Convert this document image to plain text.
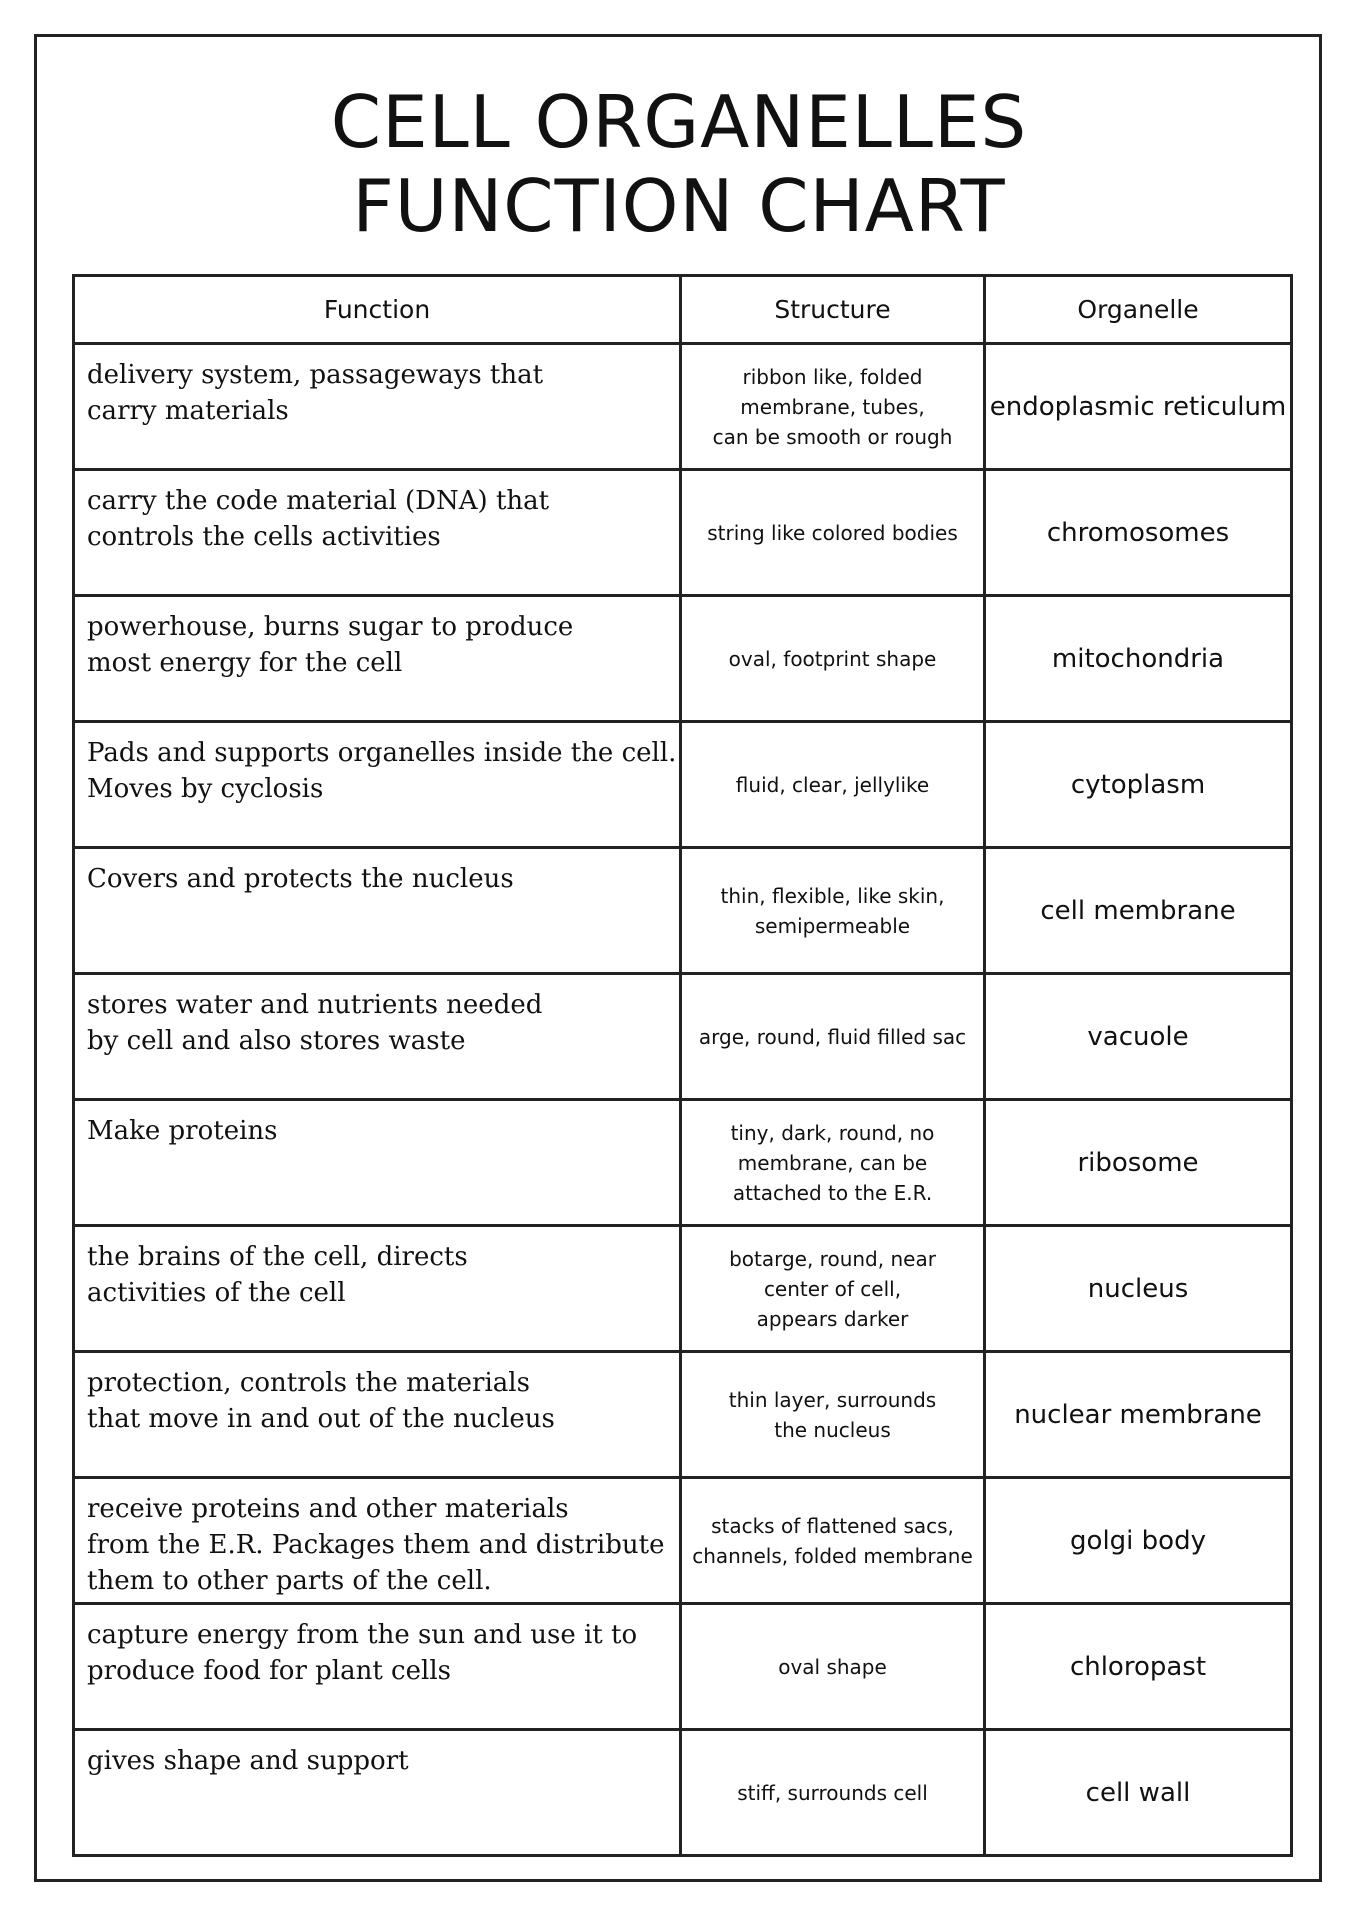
CELL ORGANELLES
FUNCTION CHART
Function	Structure	Organelle

delivery system, passageways that
carry materials	ribbon like, folded
membrane, tubes,
can be smooth or rough	endoplasmic reticulum

carry the code material (DNA) that
controls the cells activities	string like colored bodies	chromosomes

powerhouse, burns sugar to produce
most energy for the cell	oval, footprint shape	mitochondria

Pads and supports organelles inside the cell.
Moves by cyclosis	fluid, clear, jellylike	cytoplasm

Covers and protects the nucleus	thin, flexible, like skin,
semipermeable	cell membrane

stores water and nutrients needed
by cell and also stores waste	arge, round, fluid filled sac	vacuole

Make proteins	tiny, dark, round, no
membrane, can be
attached to the E.R.	ribosome

the brains of the cell, directs
activities of the cell	botarge, round, near
center of cell,
appears darker	nucleus

protection, controls the materials
that move in and out of the nucleus	thin layer, surrounds
the nucleus	nuclear membrane

receive proteins and other materials
from the E.R. Packages them and distribute
them to other parts of the cell.	stacks of flattened sacs,
channels, folded membrane	golgi body

capture energy from the sun and use it to
produce food for plant cells	oval shape	chloropast

gives shape and support	stiff, surrounds cell	cell wall
